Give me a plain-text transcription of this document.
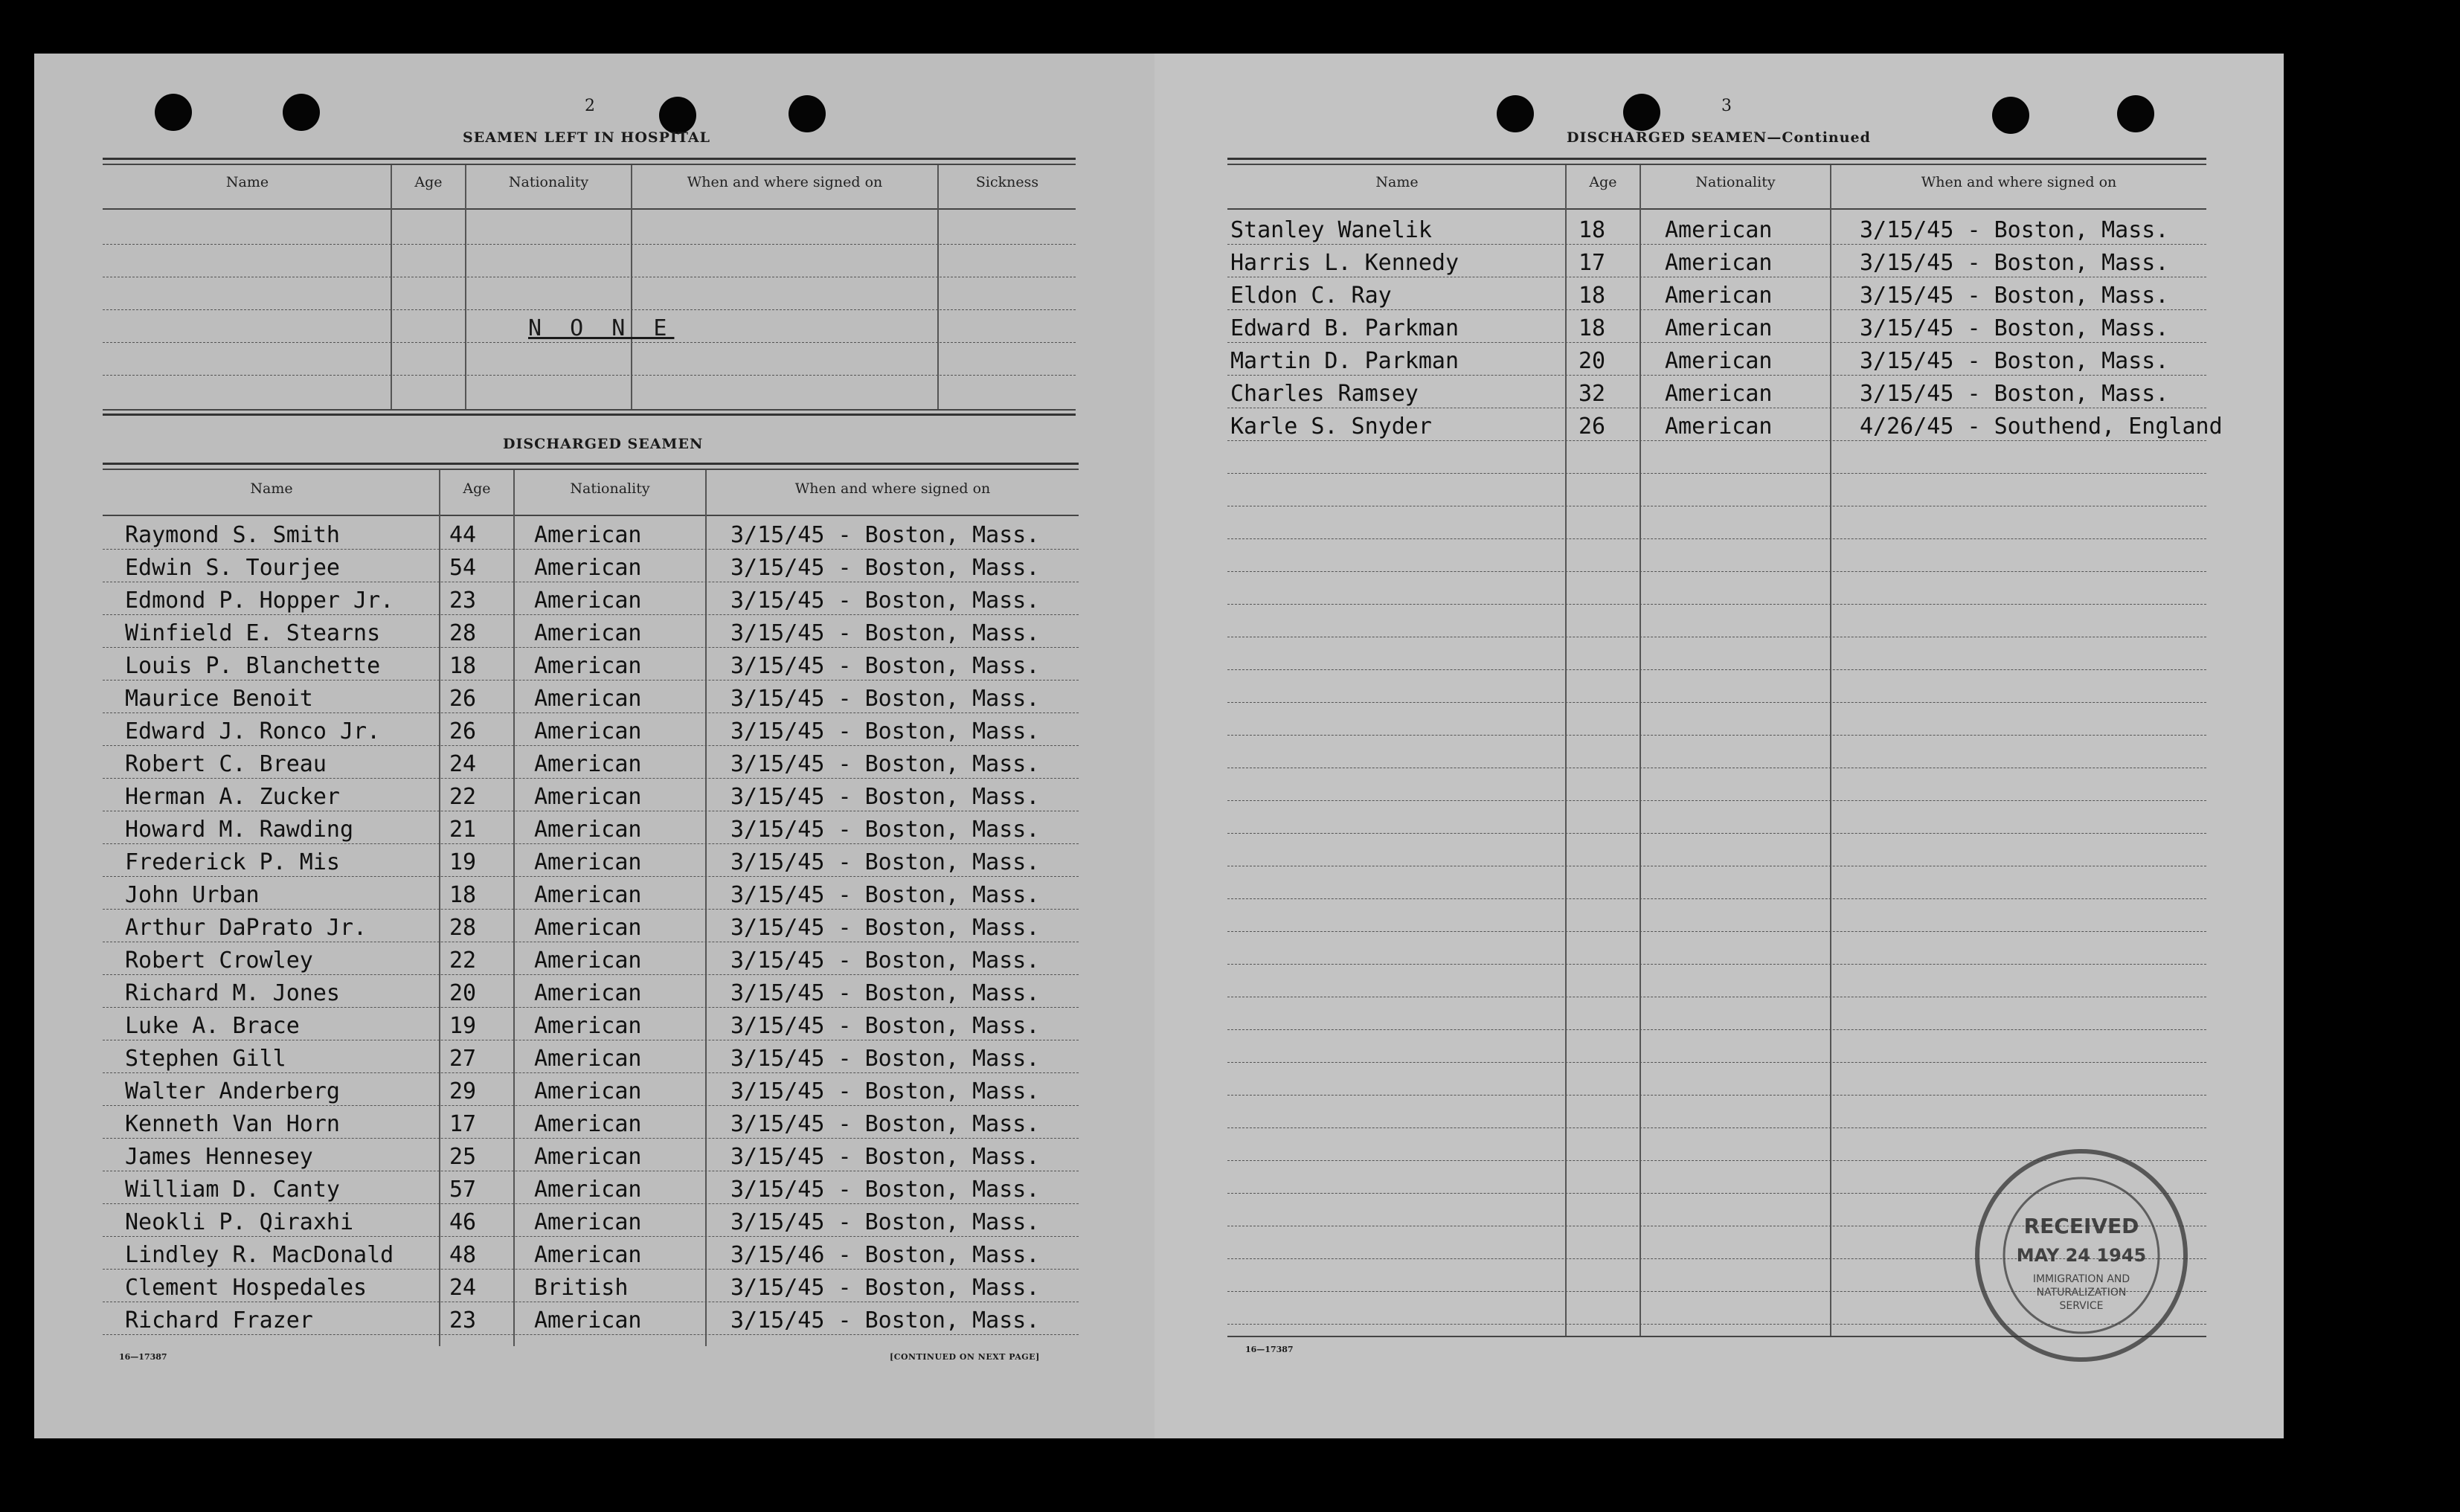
2
SEAMEN LEFT IN HOSPITAL
Name	Age	Nationality	When and where signed on	Sickness
N O N E
DISCHARGED SEAMEN
Name	Age	Nationality	When and where signed on
Raymond S. Smith	44	American	3/15/45 - Boston, Mass.
Edwin S. Tourjee	54	American	3/15/45 - Boston, Mass.
Edmond P. Hopper Jr. 23	American	3/15/45 - Boston, Mass.
Winfield E. Stearns	28	American	3/15/45 - Boston, Mass.
Louis P. Blanchette	18	American	3/15/45 - Boston, Mass.
Maurice Benoit	26	American	3/15/45 - Boston, Mass.
Edward J. Ronco Jr.	26	American	3/15/45 - Boston, Mass.
Robert C. Breau	24	American	3/15/45 - Boston, Mass.
Herman A. Zucker	22	American	3/15/45 - Boston, Mass.
Howard M. Rawding	21	American	3/15/45 - Boston, Mass.
Frederick P. Mis	19	American	3/15/45 - Boston, Mass.
John Urban	18	American	3/15/45 - Boston, Mass.
Arthur DaPrato Jr.	28	American	3/15/45 - Boston, Mass.
Robert Crowley	22	American	3/15/45 - Boston, Mass.
Richard M. Jones	20	American	3/15/45 - Boston, Mass.
Luke A. Brace	19	American	3/15/45 - Boston, Mass.
Stephen Gill	27	American	3/15/45 - Boston, Mass.
Walter Anderberg	29	American	3/15/45 - Boston, Mass.
Kenneth Van Horn	17	American	3/15/45 - Boston, Mass.
James Hennesey	25	American	3/15/45 - Boston, Mass.
William D. Canty	57	American	3/15/45 - Boston, Mass.
Neokli P. Qiraxhi	46	American	3/15/45 - Boston, Mass.
Lindley R. MacDonald 48	American	3/15/46 - Boston, Mass.
Clement Hospedales	24	British	3/15/45 - Boston, Mass.
Richard Frazer	23	American	3/15/45 - Boston, Mass.
16—17387	[CONTINUED ON NEXT PAGE]
3
DISCHARGED SEAMEN—Continued
Name	Age	Nationality	When and where signed on
Stanley Wanelik	18	American	3/15/45 - Boston, Mass.
Harris L. Kennedy	17	American	3/15/45 - Boston, Mass.
Eldon C. Ray	18	American	3/15/45 - Boston, Mass.
Edward B. Parkman	18	American	3/15/45 - Boston, Mass.
Martin D. Parkman	20	American	3/15/45 - Boston, Mass.
Charles Ramsey	32	American	3/15/45 - Boston, Mass.
Karle S. Snyder	26	American	4/26/45 - Southend, England
16—17387
RECEIVED
MAY 24 1945
IMMIGRATION AND
NATURALIZATION
SERVICE
